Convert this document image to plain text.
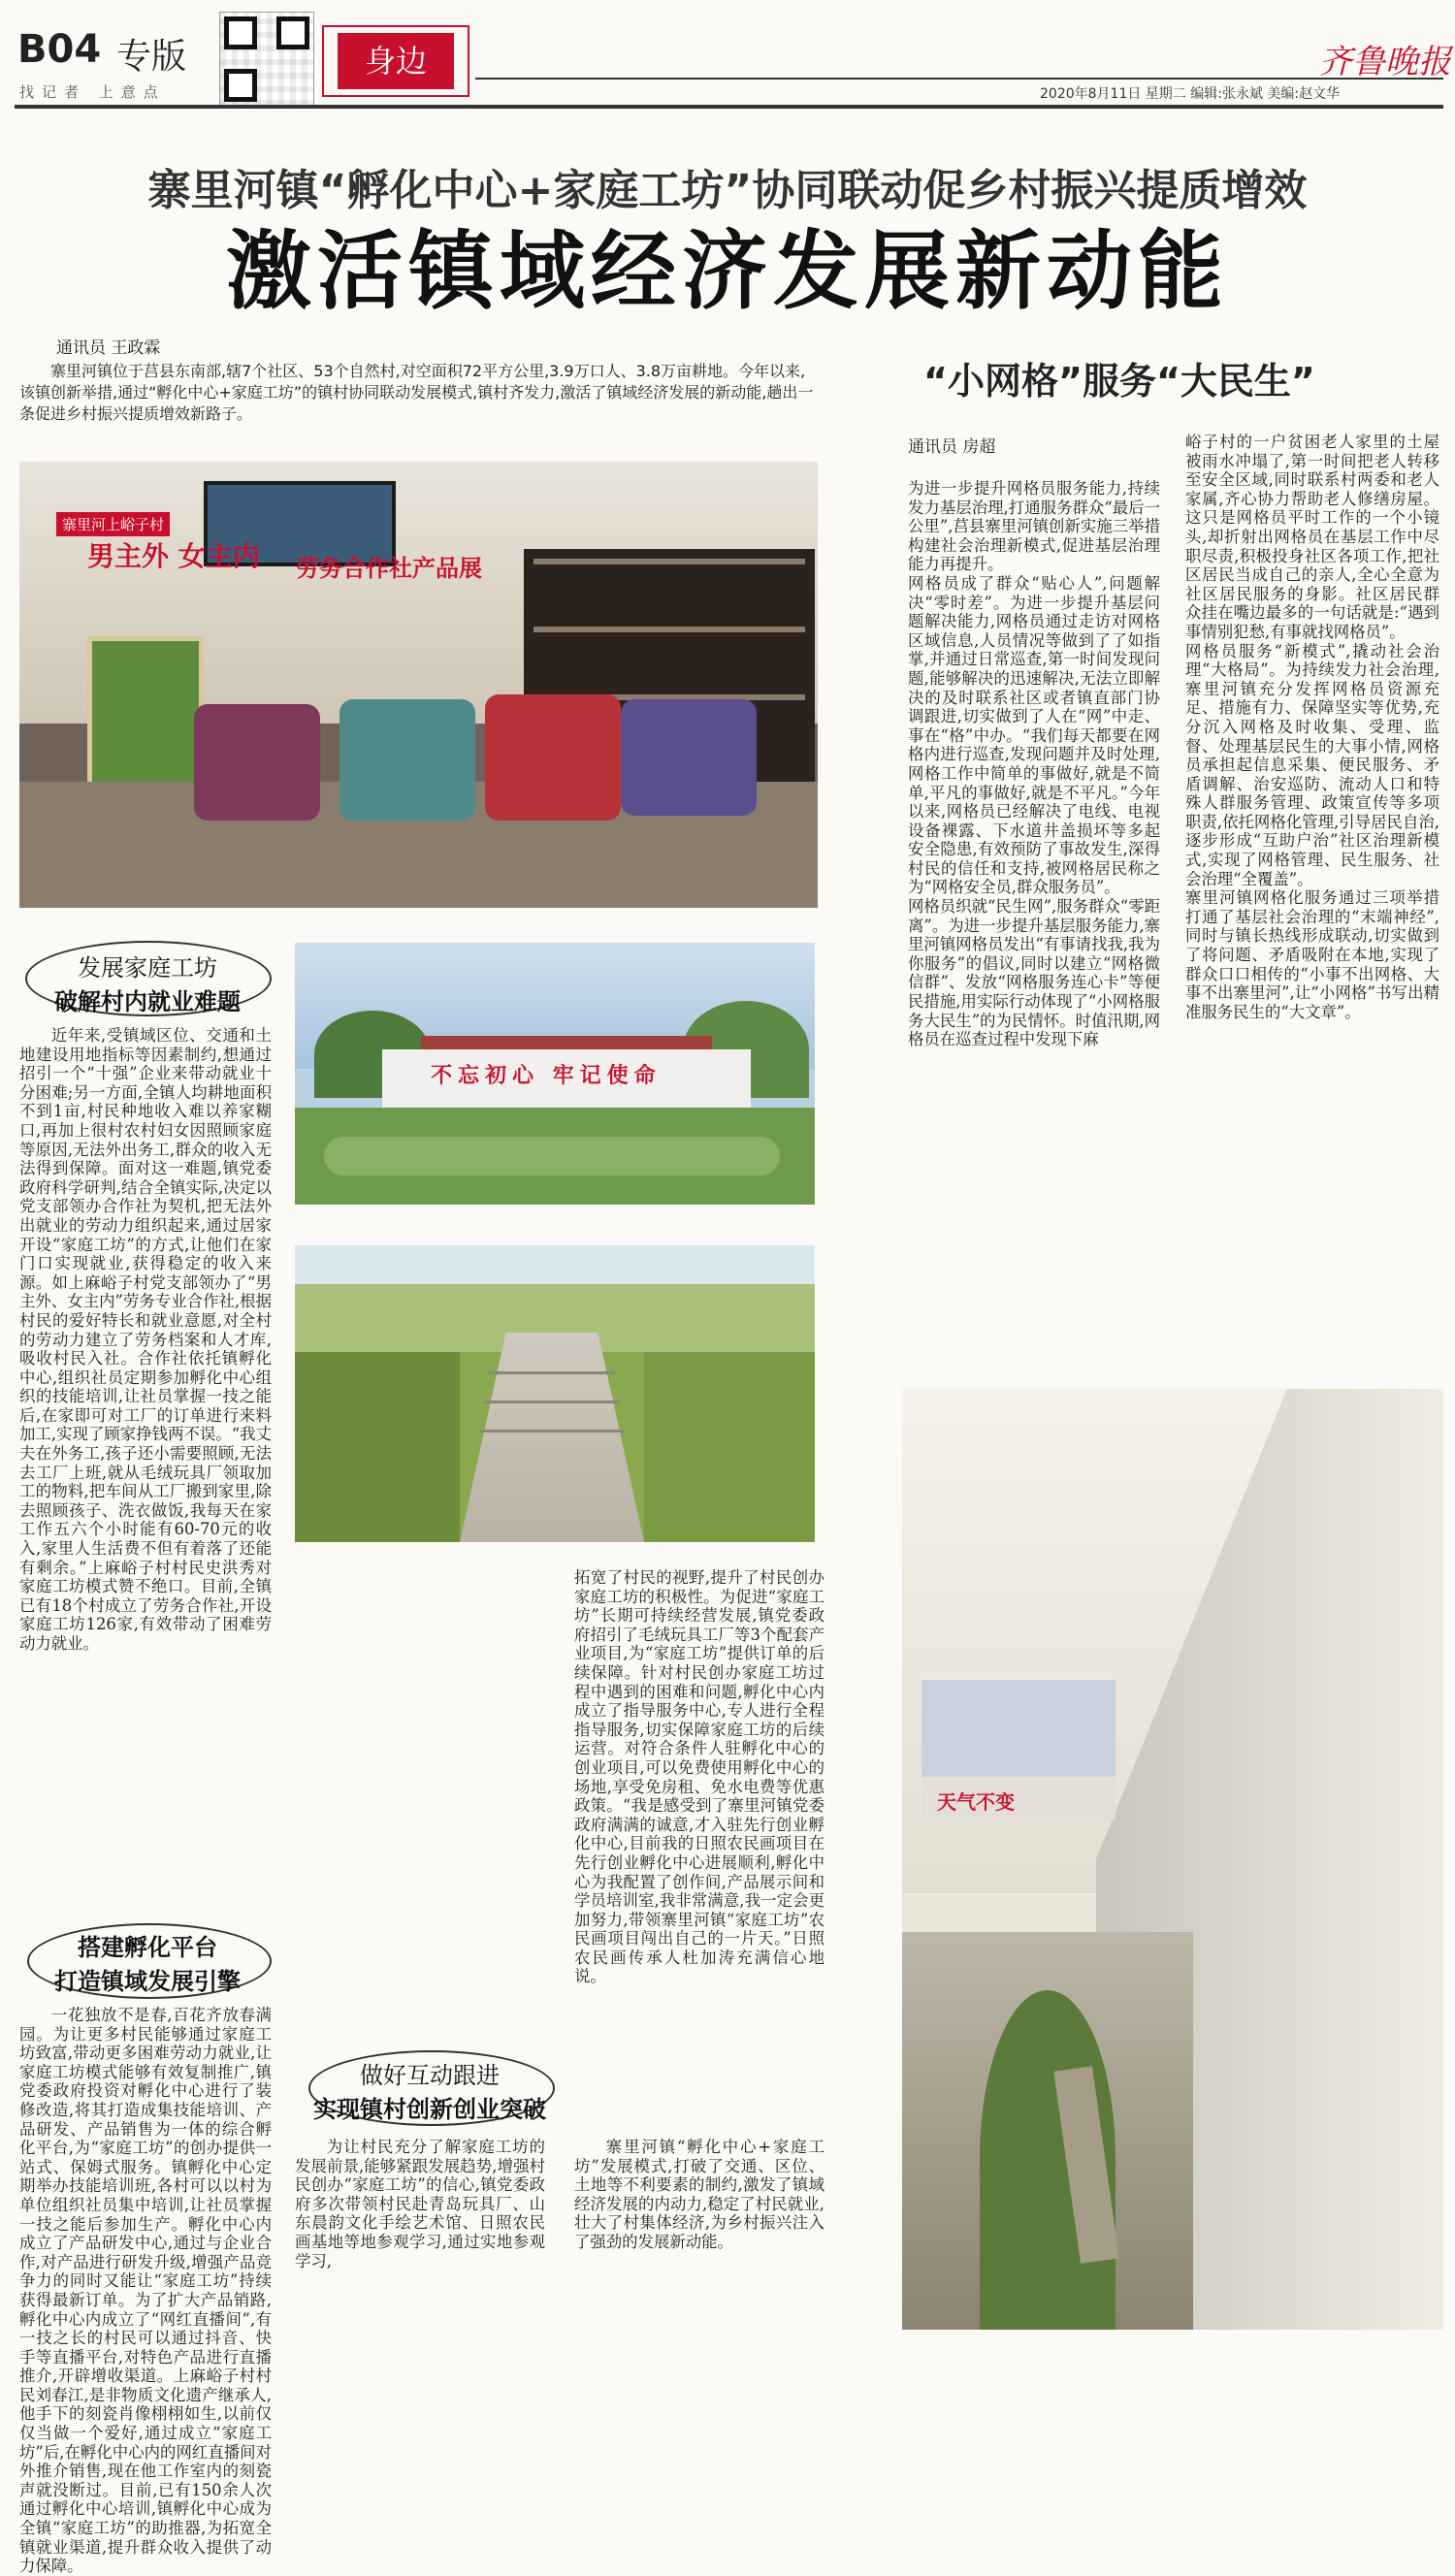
B04 专版
找记者 上意点
身边	齐鲁晚报
2020年8月11日 星期二 编辑:张永斌 美编:赵文华
寨里河镇“孵化中心+家庭工坊”协同联动促乡村振兴提质增效
激活镇域经济发展新动能
通讯员 王政霖
寨里河镇位于莒县东南部,辖7个社区、53个自然村,对空面积72平方公里,3.9万口人、3.8万亩耕地。今年以来,该镇创新举措,通过“孵化中心+家庭工坊”的镇村协同联动发展模式,镇村齐发力,激活了镇域经济发展的新动能,趟出一条促进乡村振兴提质增效新路子。
寨里河上峪子村
男主外 女主内 劳务合作社产品展
“小网格”服务“大民生”
通讯员 房超
为进一步提升网格员服务能力,持续发力基层治理,打通服务群众“最后一公里”,莒县寨里河镇创新实施三举措构建社会治理新模式,促进基层治理能力再提升。
网格员成了群众“贴心人”,问题解决“零时差”。为进一步提升基层问题解决能力,网格员通过走访对网格区域信息,人员情况等做到了了如指掌,并通过日常巡查,第一时间发现问题,能够解决的迅速解决,无法立即解决的及时联系社区或者镇直部门协调跟进,切实做到了人在“网”中走、事在“格”中办。“我们每天都要在网格内进行巡查,发现问题并及时处理,网格工作中简单的事做好,就是不简单,平凡的事做好,就是不平凡。”今年以来,网格员已经解决了电线、电视设备裸露、下水道井盖损坏等多起安全隐患,有效预防了事故发生,深得村民的信任和支持,被网格居民称之为“网格安全员,群众服务员”。
网格员织就“民生网”,服务群众“零距离”。为进一步提升基层服务能力,寨里河镇网格员发出“有事请找我,我为你服务”的倡议,同时以建立“网格微信群”、发放“网格服务连心卡”等便民措施,用实际行动体现了“小网格服务大民生”的为民情怀。时值汛期,网格员在巡查过程中发现下麻
峪子村的一户贫困老人家里的土屋被雨水冲塌了,第一时间把老人转移至安全区域,同时联系村两委和老人家属,齐心协力帮助老人修缮房屋。这只是网格员平时工作的一个小镜头,却折射出网格员在基层工作中尽职尽责,积极投身社区各项工作,把社区居民当成自己的亲人,全心全意为社区居民服务的身影。社区居民群众挂在嘴边最多的一句话就是:“遇到事情别犯愁,有事就找网格员”。
网格员服务“新模式”,撬动社会治理“大格局”。为持续发力社会治理,寨里河镇充分发挥网格员资源充足、措施有力、保障坚实等优势,充分沉入网格及时收集、受理、监督、处理基层民生的大事小情,网格员承担起信息采集、便民服务、矛盾调解、治安巡防、流动人口和特殊人群服务管理、政策宣传等多项职责,依托网格化管理,引导居民自治,逐步形成“互助户治”社区治理新模式,实现了网格管理、民生服务、社会治理“全覆盖”。
寨里河镇网格化服务通过三项举措打通了基层社会治理的“末端神经”,同时与镇长热线形成联动,切实做到了将问题、矛盾吸附在本地,实现了群众口口相传的“小事不出网格、大事不出寨里河”,让“小网格”书写出精准服务民生的“大文章”。
发展家庭工坊
破解村内就业难题
近年来,受镇域区位、交通和土地建设用地指标等因素制约,想通过招引一个“十强”企业来带动就业十分困难;另一方面,全镇人均耕地面积不到1亩,村民种地收入难以养家糊口,再加上很村农村妇女因照顾家庭等原因,无法外出务工,群众的收入无法得到保障。面对这一难题,镇党委政府科学研判,结合全镇实际,决定以党支部领办合作社为契机,把无法外出就业的劳动力组织起来,通过居家开设“家庭工坊”的方式,让他们在家门口实现就业,获得稳定的收入来源。如上麻峪子村党支部领办了“男主外、女主内”劳务专业合作社,根据村民的爱好特长和就业意愿,对全村的劳动力建立了劳务档案和人才库,吸收村民入社。合作社依托镇孵化中心,组织社员定期参加孵化中心组织的技能培训,让社员掌握一技之能后,在家即可对工厂的订单进行来料加工,实现了顾家挣钱两不误。“我丈夫在外务工,孩子还小需要照顾,无法去工厂上班,就从毛绒玩具厂领取加工的物料,把车间从工厂搬到家里,除去照顾孩子、洗衣做饭,我每天在家工作五六个小时能有60-70元的收入,家里人生活费不但有着落了还能有剩余。”上麻峪子村村民史洪秀对家庭工坊模式赞不绝口。目前,全镇已有18个村成立了劳务合作社,开设家庭工坊126家,有效带动了困难劳动力就业。
不忘初心 牢记使命
搭建孵化平台
打造镇域发展引擎
一花独放不是春,百花齐放春满园。为让更多村民能够通过家庭工坊致富,带动更多困难劳动力就业,让家庭工坊模式能够有效复制推广,镇党委政府投资对孵化中心进行了装修改造,将其打造成集技能培训、产品研发、产品销售为一体的综合孵化平台,为“家庭工坊”的创办提供一站式、保姆式服务。镇孵化中心定期举办技能培训班,各村可以以村为单位组织社员集中培训,让社员掌握一技之能后参加生产。孵化中心内成立了产品研发中心,通过与企业合作,对产品进行研发升级,增强产品竞争力的同时又能让“家庭工坊”持续获得最新订单。为了扩大产品销路,孵化中心内成立了“网红直播间”,有一技之长的村民可以通过抖音、快手等直播平台,对特色产品进行直播推介,开辟增收渠道。上麻峪子村村民刘春江,是非物质文化遗产继承人,他手下的刻瓷肖像栩栩如生,以前仅仅当做一个爱好,通过成立“家庭工坊”后,在孵化中心内的网红直播间对外推介销售,现在他工作室内的刻瓷声就没断过。目前,已有150余人次通过孵化中心培训,镇孵化中心成为全镇“家庭工坊”的助推器,为拓宽全镇就业渠道,提升群众收入提供了动力保障。

做好互动跟进
实现镇村创新创业突破
为让村民充分了解家庭工坊的发展前景,能够紧跟发展趋势,增强村民创办“家庭工坊”的信心,镇党委政府多次带领村民赴青岛玩具厂、山东晨韵文化手绘艺术馆、日照农民画基地等地参观学习,通过实地参观学习,
拓宽了村民的视野,提升了村民创办家庭工坊的积极性。为促进“家庭工坊”长期可持续经营发展,镇党委政府招引了毛绒玩具工厂等3个配套产业项目,为“家庭工坊”提供订单的后续保障。针对村民创办家庭工坊过程中遇到的困难和问题,孵化中心内成立了指导服务中心,专人进行全程指导服务,切实保障家庭工坊的后续运营。对符合条件人驻孵化中心的创业项目,可以免费使用孵化中心的场地,享受免房租、免水电费等优惠政策。“我是感受到了寨里河镇党委政府满满的诚意,才入驻先行创业孵化中心,目前我的日照农民画项目在先行创业孵化中心进展顺利,孵化中心为我配置了创作间,产品展示间和学员培训室,我非常满意,我一定会更加努力,带领寨里河镇“家庭工坊”农民画项目闯出自己的一片天。”日照农民画传承人杜加涛充满信心地说。
寨里河镇“孵化中心+家庭工坊”发展模式,打破了交通、区位、土地等不利要素的制约,激发了镇域经济发展的内动力,稳定了村民就业,壮大了村集体经济,为乡村振兴注入了强劲的发展新动能。
天气不变
